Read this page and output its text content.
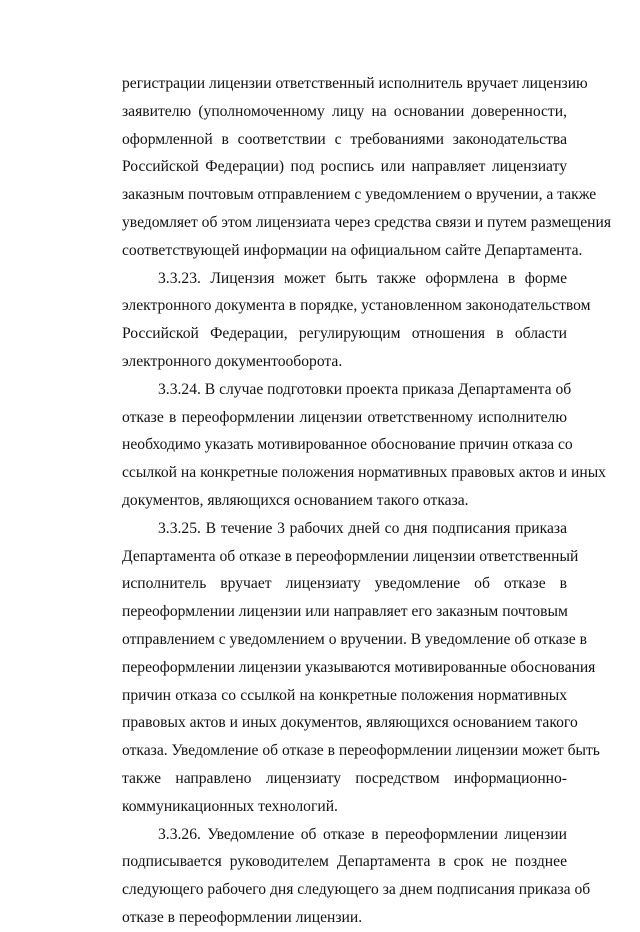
регистрации лицензии ответственный исполнитель вручает лицензию
заявителю (уполномоченному лицу на основании доверенности,
оформленной в соответствии с требованиями законодательства
Российской Федерации) под роспись или направляет лицензиату
заказным почтовым отправлением с уведомлением о вручении, а также
уведомляет об этом лицензиата через средства связи и путем размещения
соответствующей информации на официальном сайте Департамента.

3.3.23. Лицензия может быть также оформлена в форме
электронного документа в порядке, установленном законодательством
Российской Федерации, регулирующим отношения в области
электронного документооборота.

3.3.24. В случае подготовки проекта приказа Департамента об
отказе в переоформлении лицензии ответственному исполнителю
необходимо указать мотивированное обоснование причин отказа со
ссылкой на конкретные положения нормативных правовых актов и иных
документов, являющихся основанием такого отказа.

3.3.25. В течение 3 рабочих дней со дня подписания приказа
Департамента об отказе в переоформлении лицензии ответственный
исполнитель вручает лицензиату уведомление об отказе в
переоформлении лицензии или направляет его заказным почтовым
отправлением с уведомлением о вручении. В уведомление об отказе в
переоформлении лицензии указываются мотивированные обоснования
причин отказа со ссылкой на конкретные положения нормативных
правовых актов и иных документов, являющихся основанием такого
отказа. Уведомление об отказе в переоформлении лицензии может быть
также направлено лицензиату посредством информационно-
коммуникационных технологий.

3.3.26. Уведомление об отказе в переоформлении лицензии
подписывается руководителем Департамента в срок не позднее
следующего рабочего дня следующего за днем подписания приказа об
отказе в переоформлении лицензии.
